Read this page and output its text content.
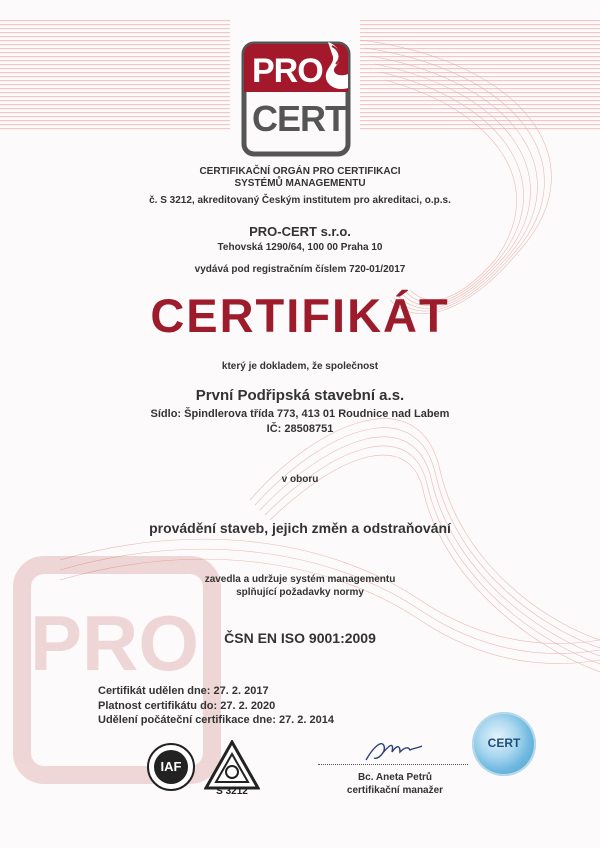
PRO
PRO
CERT
CERTIFIKAČNÍ ORGÁN PRO CERTIFIKACI
SYSTÉMŮ MANAGEMENTU
č. S 3212, akreditovaný Českým institutem pro akreditaci, o.p.s.
PRO-CERT s.r.o.
Tehovská 1290/64, 100 00 Praha 10
vydává pod registračním číslem 720-01/2017
CERTIFIKÁT
který je dokladem, že společnost
První Podřipská stavební a.s.
Sídlo: Špindlerova třída 773, 413 01 Roudnice nad Labem
IČ: 28508751
v oboru
provádění staveb, jejich změn a odstraňování
zavedla a udržuje systém managementu
splňující požadavky normy
ČSN EN ISO 9001:2009
Certifikát udělen dne: 27. 2. 2017
Platnost certifikátu do: 27. 2. 2020
Udělení počáteční certifikace dne: 27. 2. 2014
IAF
S 3212
Bc. Aneta Petrů
certifikační manažer
CERT
